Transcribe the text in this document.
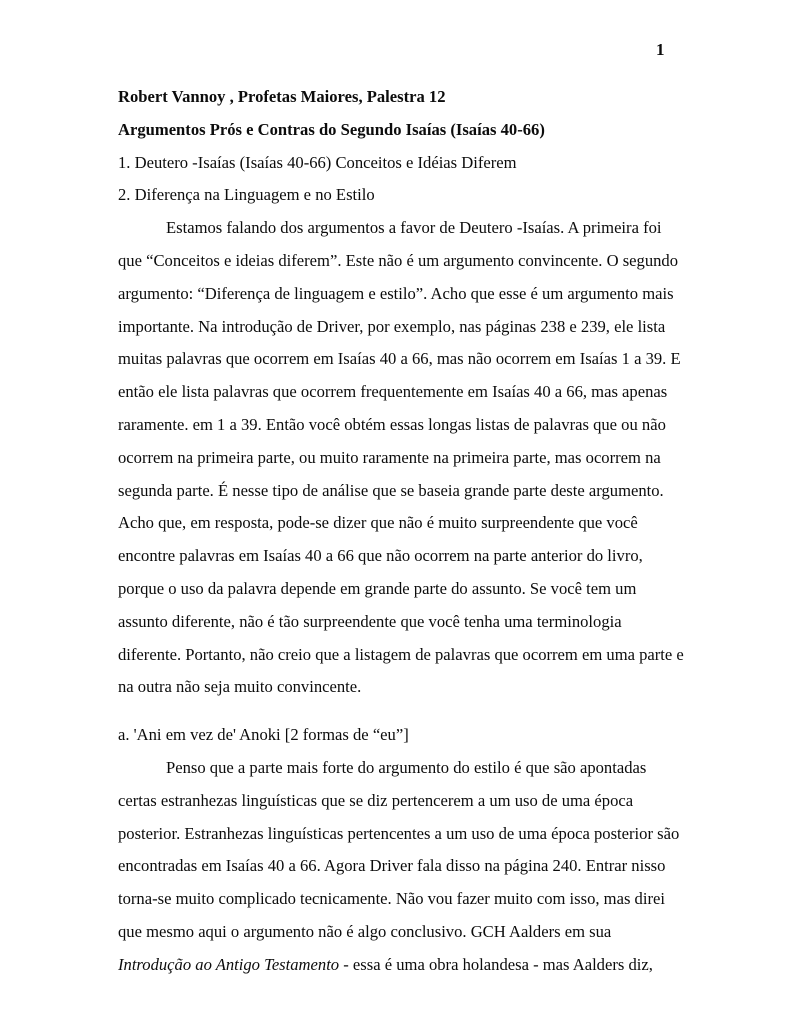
1

Robert Vannoy , Profetas Maiores, Palestra 12

Argumentos Prós e Contras do Segundo Isaías (Isaías 40-66)

1. Deutero -Isaías (Isaías 40-66) Conceitos e Idéias Diferem

2. Diferença na Linguagem e no Estilo

Estamos falando dos argumentos a favor de Deutero -Isaías. A primeira foi que “Conceitos e ideias diferem”. Este não é um argumento convincente. O segundo argumento: “Diferença de linguagem e estilo”. Acho que esse é um argumento mais importante. Na introdução de Driver, por exemplo, nas páginas 238 e 239, ele lista muitas palavras que ocorrem em Isaías 40 a 66, mas não ocorrem em Isaías 1 a 39. E então ele lista palavras que ocorrem frequentemente em Isaías 40 a 66, mas apenas raramente. em 1 a 39. Então você obtém essas longas listas de palavras que ou não ocorrem na primeira parte, ou muito raramente na primeira parte, mas ocorrem na segunda parte. É nesse tipo de análise que se baseia grande parte deste argumento. Acho que, em resposta, pode-se dizer que não é muito surpreendente que você encontre palavras em Isaías 40 a 66 que não ocorrem na parte anterior do livro, porque o uso da palavra depende em grande parte do assunto. Se você tem um assunto diferente, não é tão surpreendente que você tenha uma terminologia diferente. Portanto, não creio que a listagem de palavras que ocorrem em uma parte e na outra não seja muito convincente.

a. 'Ani em vez de' Anoki [2 formas de “eu”]

Penso que a parte mais forte do argumento do estilo é que são apontadas certas estranhezas linguísticas que se diz pertencerem a um uso de uma época posterior. Estranhezas linguísticas pertencentes a um uso de uma época posterior são encontradas em Isaías 40 a 66. Agora Driver fala disso na página 240. Entrar nisso torna-se muito complicado tecnicamente. Não vou fazer muito com isso, mas direi que mesmo aqui o argumento não é algo conclusivo. GCH Aalders em sua Introdução ao Antigo Testamento - essa é uma obra holandesa - mas Aalders diz,
